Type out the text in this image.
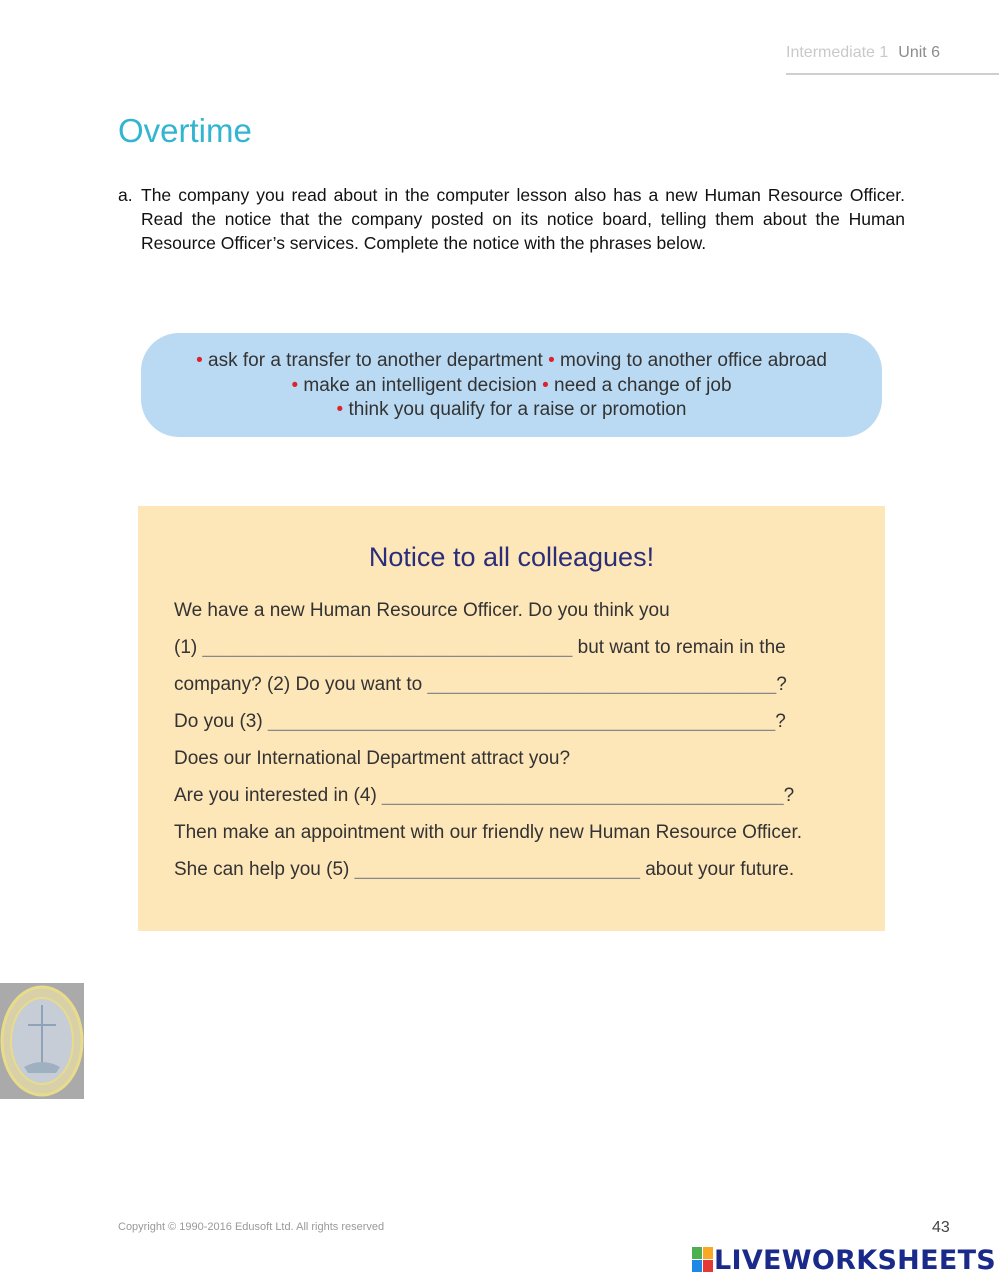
Intermediate 1 Unit 6
Overtime
a. The company you read about in the computer lesson also has a new Human Resource Officer. Read the notice that the company posted on its notice board, telling them about the Human Resource Officer’s services. Complete the notice with the phrases below.
• ask for a transfer to another department • moving to another office abroad
• make an intelligent decision • need a change of job
• think you qualify for a raise or promotion
Notice to all colleagues!
We have a new Human Resource Officer. Do you think you
(1) ___________________________________ but want to remain in the
company? (2) Do you want to _________________________________?
Do you (3) ________________________________________________?
Does our International Department attract you?
Are you interested in (4) ______________________________________?
Then make an appointment with our friendly new Human Resource Officer.
She can help you (5) ___________________________ about your future.
Copyright © 1990-2016 Edusoft Ltd. All rights reserved	43
LIVEWORKSHEETS
